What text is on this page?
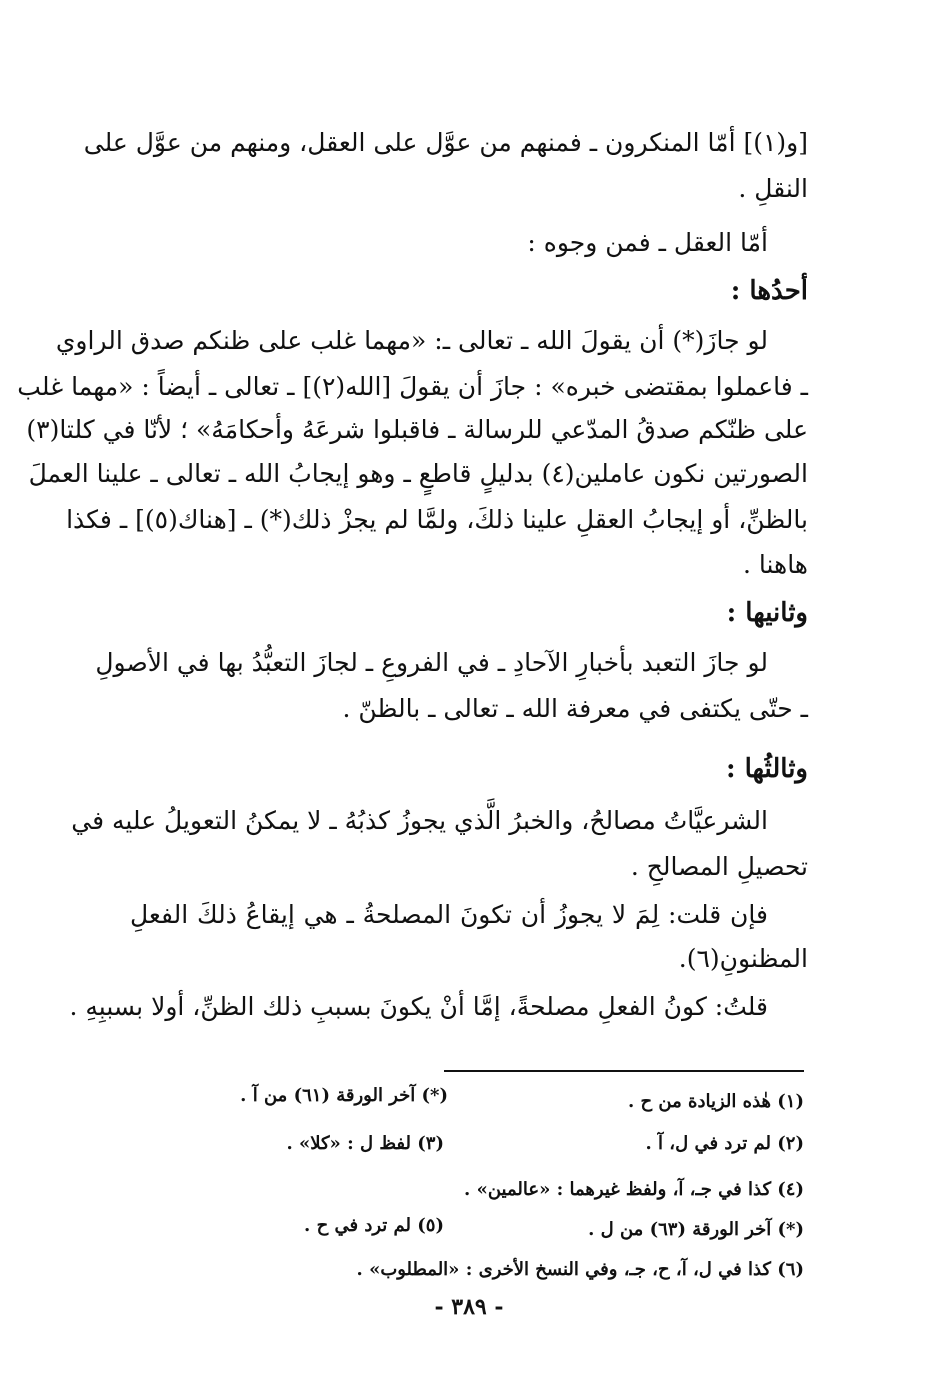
[و(١)] أمّا المنكرون ـ فمنهم من عوَّل على العقل، ومنهم من عوَّل على
النقلِ .
أمّا العقل ـ فمن وجوه :
أحدُها :
لو جازَ(*) أن يقولَ الله ـ تعالى ـ: «مهما غلب على ظنكم صدق الراوي
ـ فاعملوا بمقتضى خبره» : جازَ أن يقولَ [الله(٢)] ـ تعالى ـ أيضاً : «مهما غلب
على ظنّكم صدقُ المدّعي للرسالة ـ فاقبلوا شرعَهُ وأحكامَهُ» ؛ لأنّا في كلتا(٣)
الصورتين نكون عاملين(٤) بدليلٍ قاطعٍ ـ وهو إيجابُ الله ـ تعالى ـ علينا العملَ
بالظنِّ، أو إيجابُ العقلِ علينا ذلكَ، ولمَّا لم يجزْ ذلك(*) ـ [هناك(٥)] ـ فكذا
هاهنا .
وثانيها :
لو جازَ التعبد بأخبارِ الآحادِ ـ في الفروعِ ـ لجازَ التعبُّدُ بها في الأصولِ
ـ حتّى يكتفى في معرفة الله ـ تعالى ـ بالظنّ .
وثالثُها :
الشرعيَّاتُ مصالحُ، والخبرُ الَّذي يجوزُ كذبُهُ ـ لا يمكنُ التعويلُ عليه في
تحصيلِ المصالحِ .
فإن قلت: لِمَ لا يجوزُ أن تكونَ المصلحةُ ـ هي إيقاعُ ذلكَ الفعلِ
المظنونِ(٦).
قلتُ: كونُ الفعلِ مصلحةً، إمَّا أنْ يكونَ بسببِ ذلك الظنِّ، أولا بسببِهِ .
(١) هٰذه الزيادة من ح .
(*) آخر الورقة (٦١) من آ .
(٢) لم ترد في ل، آ .
(٣) لفظ ل : «كلا» .
(٤) كذا في جـ، آ، ولفظ غيرهما : «عالمين» .
(*) آخر الورقة (٦٣) من ل .
(٥) لم ترد في ح .
(٦) كذا في ل، آ، ح، جـ، وفي النسخ الأخرى : «المطلوب» .
- ٣٨٩ -
